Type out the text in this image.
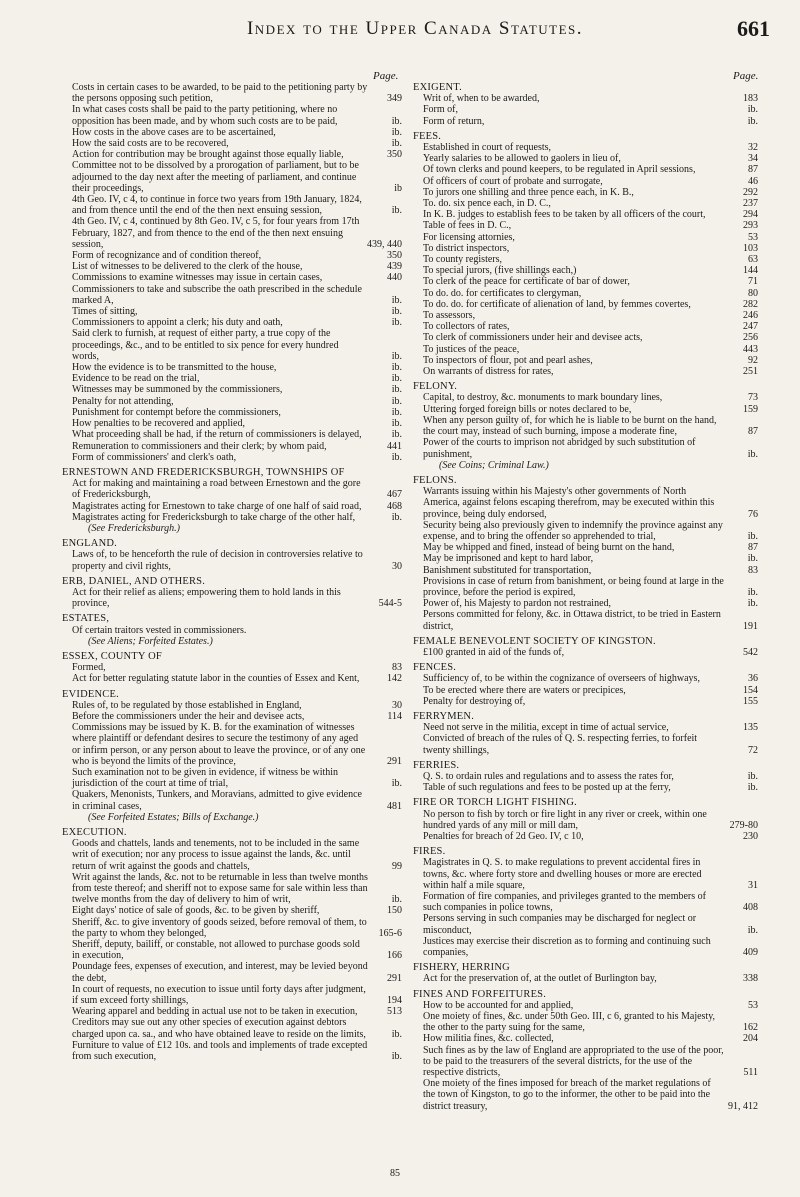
Index to the Upper Canada Statutes.	661
Page.	Page.
Costs in certain cases to be awarded, to be paid to the petitioning party by the persons opposing such petition,	349
In what cases costs shall be paid to the party petitioning, where no opposition has been made, and by whom such costs are to be paid,	ib.
How costs in the above cases are to be ascertained,	ib.
How the said costs are to be recovered,	ib.
Action for contribution may be brought against those equally liable,	350
Committee not to be dissolved by a prorogation of parliament, but to be adjourned to the day next after the meeting of parliament, and continue their proceedings,	ib
4th Geo. IV, c 4, to continue in force two years from 19th January, 1824, and from thence until the end of the then next ensuing session,	ib.
4th Geo. IV, c 4, continued by 8th Geo. IV, c 5, for four years from 17th February, 1827, and from thence to the end of the then next ensuing session,	439, 440
Form of recognizance and of condition thereof,	350
List of witnesses to be delivered to the clerk of the house,	439
Commissions to examine witnesses may issue in certain cases,	440
Commissioners to take and subscribe the oath prescribed in the schedule marked A,	ib.
Times of sitting,	ib.
Commissioners to appoint a clerk; his duty and oath,	ib.
Said clerk to furnish, at request of either party, a true copy of the proceedings, &c., and to be entitled to six pence for every hundred words,	ib.
How the evidence is to be transmitted to the house,	ib.
Evidence to be read on the trial,	ib.
Witnesses may be summoned by the commissioners,	ib.
Penalty for not attending,	ib.
Punishment for contempt before the commissioners,	ib.
How penalties to be recovered and applied,	ib.
What proceeding shall be had, if the return of commissioners is delayed,	ib.
Remuneration to commissioners and their clerk; by whom paid,	441
Form of commissioners' and clerk's oath,	ib.
ERNESTOWN AND FREDERICKSBURGH, TOWNSHIPS OF
Act for making and maintaining a road between Ernestown and the gore of Fredericksburgh,	467
Magistrates acting for Ernestown to take charge of one half of said road,	468
Magistrates acting for Fredericksburgh to take charge of the other half,	ib.
(See Fredericksburgh.)
ENGLAND.
Laws of, to be henceforth the rule of decision in controversies relative to property and civil rights,	30
ERB, DANIEL, AND OTHERS.
Act for their relief as aliens; empowering them to hold lands in this province,	544-5
ESTATES,
Of certain traitors vested in commissioners.
(See Aliens; Forfeited Estates.)
ESSEX, COUNTY OF
Formed,	83
Act for better regulating statute labor in the counties of Essex and Kent,	142
EVIDENCE.
Rules of, to be regulated by those established in England,	30
Before the commissioners under the heir and devisee acts,	114
Commissions may be issued by K. B. for the examination of witnesses where plaintiff or defendant desires to secure the testimony of any aged or infirm person, or any person about to leave the province, or of any one who is beyond the limits of the province,	291
Such examination not to be given in evidence, if witness be within jurisdiction of the court at time of trial,	ib.
Quakers, Menonists, Tunkers, and Moravians, admitted to give evidence in criminal cases,	481
(See Forfeited Estates; Bills of Exchange.)
EXECUTION.
Goods and chattels, lands and tenements, not to be included in the same writ of execution; nor any process to issue against the lands, &c. until return of writ against the goods and chattels,	99
Writ against the lands, &c. not to be returnable in less than twelve months from teste thereof; and sheriff not to expose same for sale within less than twelve months from the day of delivery to him of writ,	ib.
Eight days' notice of sale of goods, &c. to be given by sheriff,	150
Sheriff, &c. to give inventory of goods seized, before removal of them, to the party to whom they belonged,	165-6
Sheriff, deputy, bailiff, or constable, not allowed to purchase goods sold in execution,	166
Poundage fees, expenses of execution, and interest, may be levied beyond the debt,	291
In court of requests, no execution to issue until forty days after judgment, if sum exceed forty shillings,	194
Wearing apparel and bedding in actual use not to be taken in execution,	513
Creditors may sue out any other species of execution against debtors charged upon ca. sa., and who have obtained leave to reside on the limits,	ib.
Furniture to value of £12 10s. and tools and implements of trade excepted from such execution,	ib.
EXIGENT.
Writ of, when to be awarded,	183
Form of,	ib.
Form of return,	ib.
FEES.
Established in court of requests,	32
Yearly salaries to be allowed to gaolers in lieu of,	34
Of town clerks and pound keepers, to be regulated in April sessions,	87
Of officers of court of probate and surrogate,	46
To jurors one shilling and three pence each, in K. B.,	292
To. do. six pence each, in D. C.,	237
In K. B. judges to establish fees to be taken by all officers of the court,	294
Table of fees in D. C.,	293
For licensing attornies,	53
To district inspectors,	103
To county registers,	63
To special jurors, (five shillings each,)	144
To clerk of the peace for certificate of bar of dower,	71
To do. do. for certificates to clergyman,	80
To do. do. for certificate of alienation of land, by femmes covertes,	282
To assessors,	246
To collectors of rates,	247
To clerk of commissioners under heir and devisee acts,	256
To justices of the peace,	443
To inspectors of flour, pot and pearl ashes,	92
On warrants of distress for rates,	251
FELONY.
Capital, to destroy, &c. monuments to mark boundary lines,	73
Uttering forged foreign bills or notes declared to be,	159
When any person guilty of, for which he is liable to be burnt on the hand, the court may, instead of such burning, impose a moderate fine,	87
Power of the courts to imprison not abridged by such substitution of punishment,	ib.
(See Coins; Criminal Law.)
FELONS.
Warrants issuing within his Majesty's other governments of North America, against felons escaping therefrom, may be executed within this province, being duly endorsed,	76
Security being also previously given to indemnify the province against any expense, and to bring the offender so apprehended to trial,	ib.
May be whipped and fined, instead of being burnt on the hand,	87
May be imprisoned and kept to hard labor,	ib.
Banishment substituted for transportation,	83
Provisions in case of return from banishment, or being found at large in the province, before the period is expired,	ib.
Power of, his Majesty to pardon not restrained,	ib.
Persons committed for felony, &c. in Ottawa district, to be tried in Eastern district,	191
FEMALE BENEVOLENT SOCIETY OF KINGSTON.
£100 granted in aid of the funds of,	542
FENCES.
Sufficiency of, to be within the cognizance of overseers of highways,	36
To be erected where there are waters or precipices,	154
Penalty for destroying of,	155
FERRYMEN.
Need not serve in the militia, except in time of actual service,	135
Convicted of breach of the rules of Q. S. respecting ferries, to forfeit twenty shillings,	72
FERRIES.
Q. S. to ordain rules and regulations and to assess the rates for,	ib.
Table of such regulations and fees to be posted up at the ferry,	ib.
FIRE OR TORCH LIGHT FISHING.
No person to fish by torch or fire light in any river or creek, within one hundred yards of any mill or mill dam,	279-80
Penalties for breach of 2d Geo. IV, c 10,	230
FIRES.
Magistrates in Q. S. to make regulations to prevent accidental fires in towns, &c. where forty store and dwelling houses or more are erected within half a mile square,	31
Formation of fire companies, and privileges granted to the members of such companies in police towns,	408
Persons serving in such companies may be discharged for neglect or misconduct,	ib.
Justices may exercise their discretion as to forming and continuing such companies,	409
FISHERY, HERRING
Act for the preservation of, at the outlet of Burlington bay,	338
FINES AND FORFEITURES.
How to be accounted for and applied,	53
One moiety of fines, &c. under 50th Geo. III, c 6, granted to his Majesty, the other to the party suing for the same,	162
How militia fines, &c. collected,	204
Such fines as by the law of England are appropriated to the use of the poor, to be paid to the treasurers of the several districts, for the use of the respective districts,	511
One moiety of the fines imposed for breach of the market regulations of the town of Kingston, to go to the informer, the other to be paid into the district treasury,	91, 412
85
